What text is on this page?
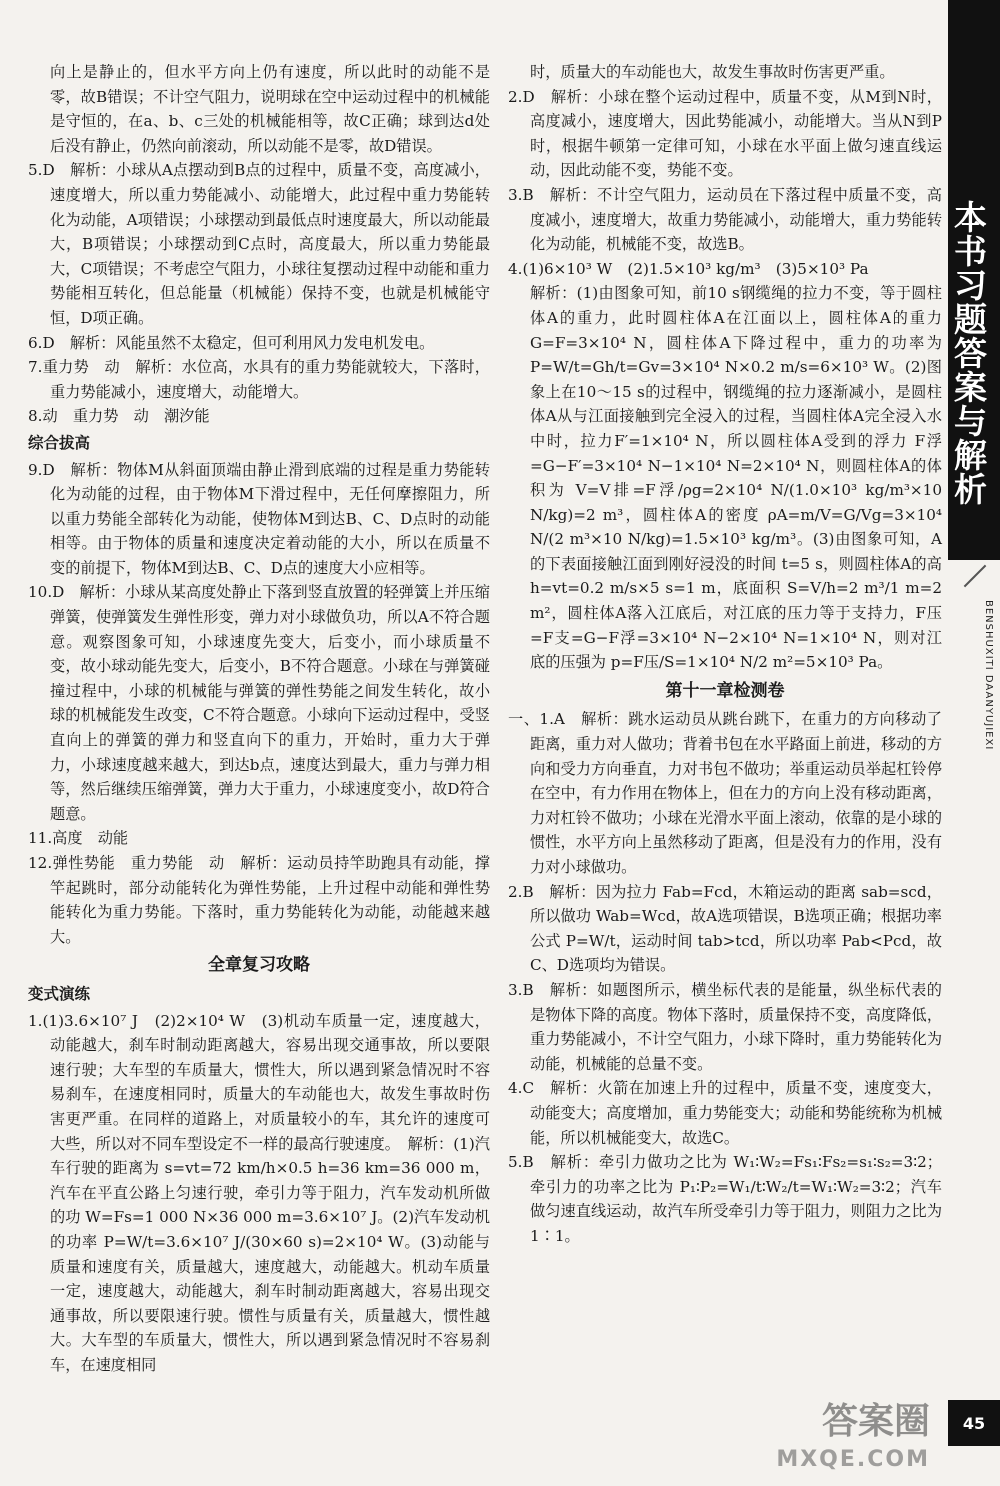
向上是静止的，但水平方向上仍有速度，所以此时的动能不是零，故B错误；不计空气阻力，说明球在空中运动过程中的机械能是守恒的，在a、b、c三处的机械能相等，故C正确；球到达d处后没有静止，仍然向前滚动，所以动能不是零，故D错误。

5.D　解析：小球从A点摆动到B点的过程中，质量不变，高度减小，速度增大，所以重力势能减小、动能增大，此过程中重力势能转化为动能，A项错误；小球摆动到最低点时速度最大，所以动能最大，B项错误；小球摆动到C点时，高度最大，所以重力势能最大，C项错误；不考虑空气阻力，小球往复摆动过程中动能和重力势能相互转化，但总能量（机械能）保持不变，也就是机械能守恒，D项正确。

6.D　解析：风能虽然不太稳定，但可利用风力发电机发电。

7.重力势　动　解析：水位高，水具有的重力势能就较大，下落时，重力势能减小，速度增大，动能增大。

8.动　重力势　动　潮汐能

综合拔高

9.D　解析：物体M从斜面顶端由静止滑到底端的过程是重力势能转化为动能的过程，由于物体M下滑过程中，无任何摩擦阻力，所以重力势能全部转化为动能，使物体M到达B、C、D点时的动能相等。由于物体的质量和速度决定着动能的大小，所以在质量不变的前提下，物体M到达B、C、D点的速度大小应相等。

10.D　解析：小球从某高度处静止下落到竖直放置的轻弹簧上并压缩弹簧，使弹簧发生弹性形变，弹力对小球做负功，所以A不符合题意。观察图象可知，小球速度先变大，后变小，而小球质量不变，故小球动能先变大，后变小，B不符合题意。小球在与弹簧碰撞过程中，小球的机械能与弹簧的弹性势能之间发生转化，故小球的机械能发生改变，C不符合题意。小球向下运动过程中，受竖直向上的弹簧的弹力和竖直向下的重力，开始时，重力大于弹力，小球速度越来越大，到达b点，速度达到最大，重力与弹力相等，然后继续压缩弹簧，弹力大于重力，小球速度变小，故D符合题意。

11.高度　动能

12.弹性势能　重力势能　动　解析：运动员持竿助跑具有动能，撑竿起跳时，部分动能转化为弹性势能，上升过程中动能和弹性势能转化为重力势能。下落时，重力势能转化为动能，动能越来越大。

全章复习攻略

变式演练

1.(1)3.6×10⁷ J　(2)2×10⁴ W　(3)机动车质量一定，速度越大，动能越大，刹车时制动距离越大，容易出现交通事故，所以要限速行驶；大车型的车质量大，惯性大，所以遇到紧急情况时不容易刹车，在速度相同时，质量大的车动能也大，故发生事故时伤害更严重。在同样的道路上，对质量较小的车，其允许的速度可大些，所以对不同车型设定不一样的最高行驶速度。　解析：(1)汽车行驶的距离为 s=vt=72 km/h×0.5 h=36 km=36 000 m，汽车在平直公路上匀速行驶，牵引力等于阻力，汽车发动机所做的功 W=Fs=1 000 N×36 000 m=3.6×10⁷ J。(2)汽车发动机的功率 P=W/t=3.6×10⁷ J/(30×60 s)=2×10⁴ W。(3)动能与质量和速度有关，质量越大，速度越大，动能越大。机动车质量一定，速度越大，动能越大，刹车时制动距离越大，容易出现交通事故，所以要限速行驶。惯性与质量有关，质量越大，惯性越大。大车型的车质量大，惯性大，所以遇到紧急情况时不容易刹车，在速度相同

时，质量大的车动能也大，故发生事故时伤害更严重。

2.D　解析：小球在整个运动过程中，质量不变，从M到N时，高度减小，速度增大，因此势能减小，动能增大。当从N到P时，根据牛顿第一定律可知，小球在水平面上做匀速直线运动，因此动能不变，势能不变。

3.B　解析：不计空气阻力，运动员在下落过程中质量不变，高度减小，速度增大，故重力势能减小，动能增大，重力势能转化为动能，机械能不变，故选B。

4.(1)6×10³ W　(2)1.5×10³ kg/m³　(3)5×10³ Pa

解析：(1)由图象可知，前10 s钢缆绳的拉力不变，等于圆柱体A的重力，此时圆柱体A在江面以上，圆柱体A的重力G=F=3×10⁴ N，圆柱体A下降过程中，重力的功率为 P=W/t=Gh/t=Gv=3×10⁴ N×0.2 m/s=6×10³ W。(2)图象上在10～15 s的过程中，钢缆绳的拉力逐渐减小，是圆柱体A从与江面接触到完全浸入的过程，当圆柱体A完全浸入水中时，拉力F′=1×10⁴ N，所以圆柱体A受到的浮力 F浮=G−F′=3×10⁴ N−1×10⁴ N=2×10⁴ N，则圆柱体A的体积为 V=V排=F浮/ρg=2×10⁴ N/(1.0×10³ kg/m³×10 N/kg)=2 m³，圆柱体A的密度 ρA=m/V=G/Vg=3×10⁴ N/(2 m³×10 N/kg)=1.5×10³ kg/m³。(3)由图象可知，A的下表面接触江面到刚好浸没的时间 t=5 s，则圆柱体A的高 h=vt=0.2 m/s×5 s=1 m，底面积 S=V/h=2 m³/1 m=2 m²，圆柱体A落入江底后，对江底的压力等于支持力，F压=F支=G−F浮=3×10⁴ N−2×10⁴ N=1×10⁴ N，则对江底的压强为 p=F压/S=1×10⁴ N/2 m²=5×10³ Pa。

第十一章检测卷

一、1.A　解析：跳水运动员从跳台跳下，在重力的方向移动了距离，重力对人做功；背着书包在水平路面上前进，移动的方向和受力方向垂直，力对书包不做功；举重运动员举起杠铃停在空中，有力作用在物体上，但在力的方向上没有移动距离，力对杠铃不做功；小球在光滑水平面上滚动，依靠的是小球的惯性，水平方向上虽然移动了距离，但是没有力的作用，没有力对小球做功。

2.B　解析：因为拉力 Fab=Fcd，木箱运动的距离 sab=scd，所以做功 Wab=Wcd，故A选项错误，B选项正确；根据功率公式 P=W/t，运动时间 tab>tcd，所以功率 Pab<Pcd，故C、D选项均为错误。

3.B　解析：如题图所示，横坐标代表的是能量，纵坐标代表的是物体下降的高度。物体下落时，质量保持不变，高度降低，重力势能减小，不计空气阻力，小球下降时，重力势能转化为动能，机械能的总量不变。

4.C　解析：火箭在加速上升的过程中，质量不变，速度变大，动能变大；高度增加，重力势能变大；动能和势能统称为机械能，所以机械能变大，故选C。

5.B　解析：牵引力做功之比为 W₁∶W₂=Fs₁∶Fs₂=s₁∶s₂=3∶2；牵引力的功率之比为 P₁∶P₂=W₁/t∶W₂/t=W₁∶W₂=3∶2；汽车做匀速直线运动，故汽车所受牵引力等于阻力，则阻力之比为1∶1。

本书习题答案与解析
BENSHUXITI DAANYUJIEXI
45
答案圈
MXQE.COM
